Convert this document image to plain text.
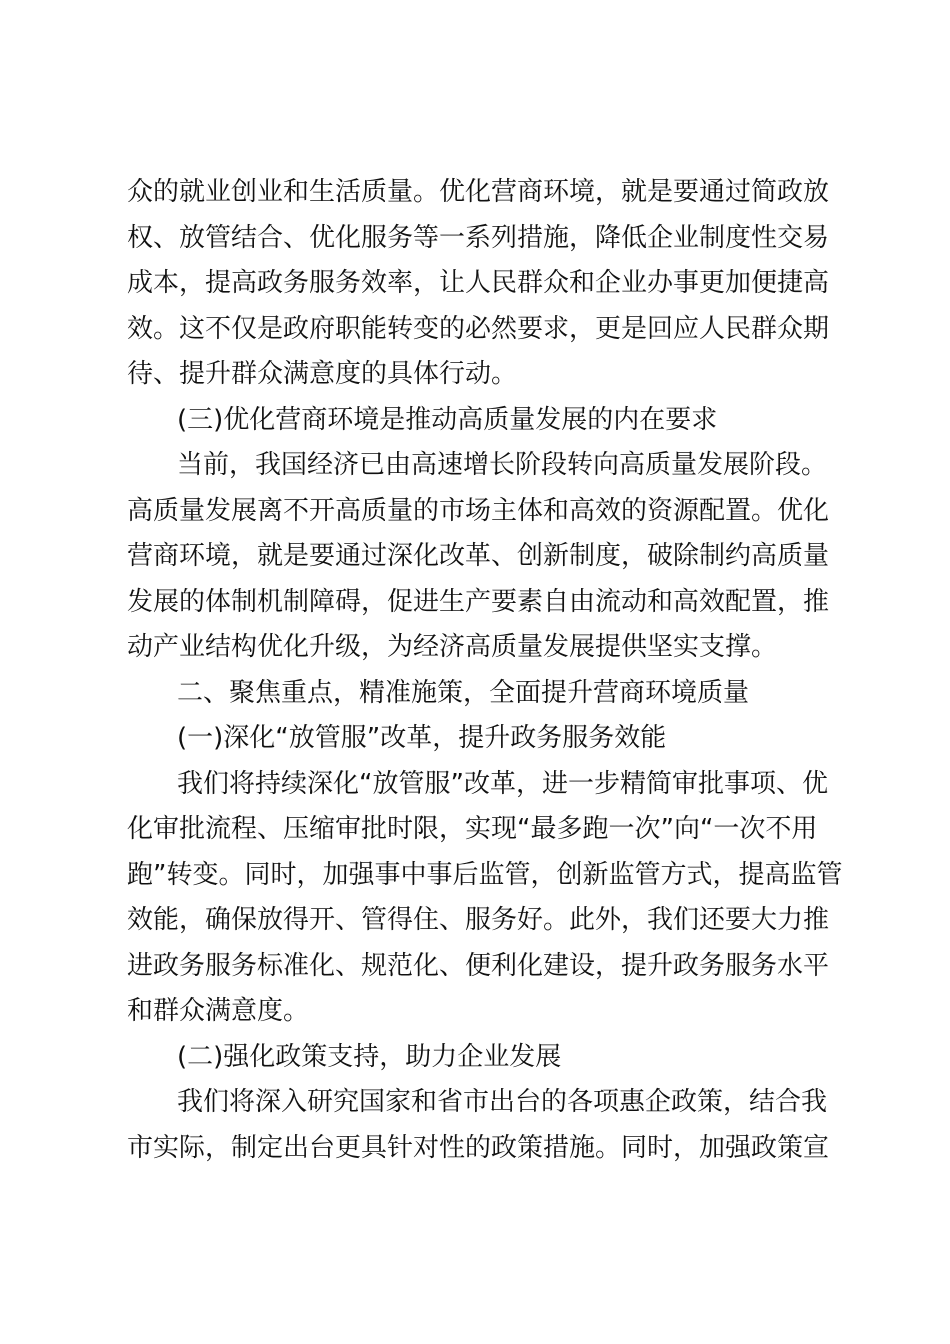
众的就业创业和生活质量。优化营商环境，就是要通过简政放
权、放管结合、优化服务等一系列措施，降低企业制度性交易
成本，提高政务服务效率，让人民群众和企业办事更加便捷高
效。这不仅是政府职能转变的必然要求，更是回应人民群众期
待、提升群众满意度的具体行动。
(三)优化营商环境是推动高质量发展的内在要求
当前，我国经济已由高速增长阶段转向高质量发展阶段。
高质量发展离不开高质量的市场主体和高效的资源配置。优化
营商环境，就是要通过深化改革、创新制度，破除制约高质量
发展的体制机制障碍，促进生产要素自由流动和高效配置，推
动产业结构优化升级，为经济高质量发展提供坚实支撑。
二、聚焦重点，精准施策，全面提升营商环境质量
(一)深化“放管服”改革，提升政务服务效能
我们将持续深化“放管服”改革，进一步精简审批事项、优
化审批流程、压缩审批时限，实现“最多跑一次”向“一次不用
跑”转变。同时，加强事中事后监管，创新监管方式，提高监管
效能，确保放得开、管得住、服务好。此外，我们还要大力推
进政务服务标准化、规范化、便利化建设，提升政务服务水平
和群众满意度。
(二)强化政策支持，助力企业发展
我们将深入研究国家和省市出台的各项惠企政策，结合我
市实际，制定出台更具针对性的政策措施。同时，加强政策宣
